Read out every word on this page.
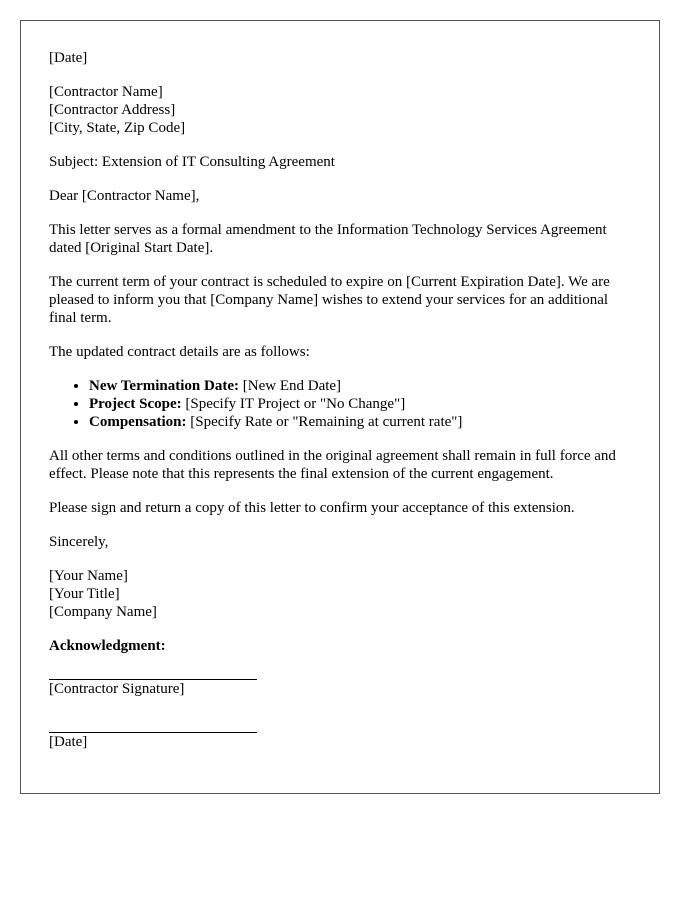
[Date]

[Contractor Name]
[Contractor Address]
[City, State, Zip Code]

Subject: Extension of IT Consulting Agreement

Dear [Contractor Name],

This letter serves as a formal amendment to the Information Technology Services Agreement dated [Original Start Date].

The current term of your contract is scheduled to expire on [Current Expiration Date]. We are pleased to inform you that [Company Name] wishes to extend your services for an additional final term.

The updated contract details are as follows:

• New Termination Date: [New End Date]
• Project Scope: [Specify IT Project or "No Change"]
• Compensation: [Specify Rate or "Remaining at current rate"]

All other terms and conditions outlined in the original agreement shall remain in full force and effect. Please note that this represents the final extension of the current engagement.

Please sign and return a copy of this letter to confirm your acceptance of this extension.

Sincerely,

[Your Name]
[Your Title]
[Company Name]

Acknowledgment:

[Contractor Signature]
[Date]
